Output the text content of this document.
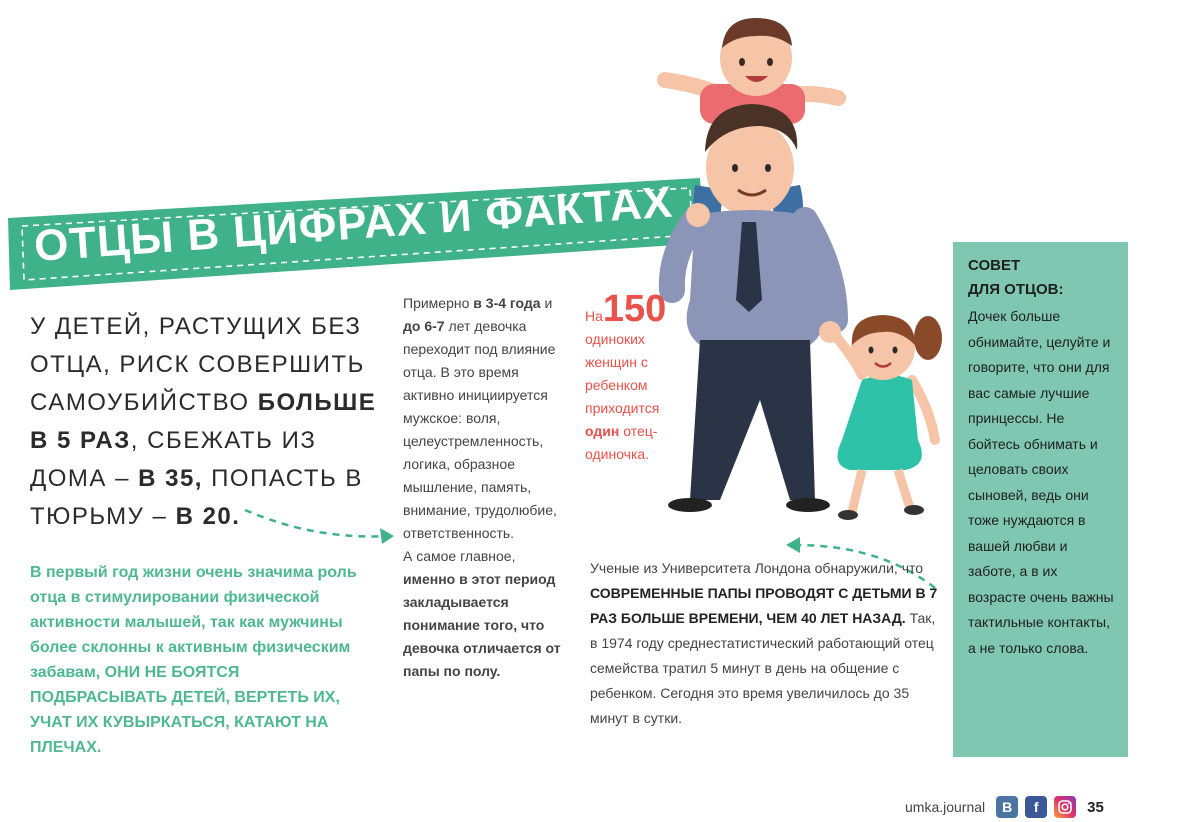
ОТЦЫ В ЦИФРАХ И ФАКТАХ
У ДЕТЕЙ, РАСТУЩИХ БЕЗ ОТЦА, РИСК СОВЕРШИТЬ САМОУБИЙСТВО БОЛЬШЕ В 5 РАЗ, СБЕЖАТЬ ИЗ ДОМА – В 35, ПОПАСТЬ В ТЮРЬМУ – В 20.
В первый год жизни очень значима роль отца в стимулировании физической активности малышей, так как мужчины более склонны к активным физическим забавам, ОНИ НЕ БОЯТСЯ ПОДБРАСЫВАТЬ ДЕТЕЙ, ВЕРТЕТЬ ИХ, УЧАТ ИХ КУВЫРКАТЬСЯ, КАТАЮТ НА ПЛЕЧАХ.
Примерно в 3-4 года и до 6-7 лет девочка переходит под влияние отца. В это время активно инициируется мужское: воля, целеустремленность, логика, образное мышление, память, внимание, трудолюбие, ответственность.
А самое главное, именно в этот период закладывается понимание того, что девочка отличается от папы по полу.
На150 одиноких женщин с ребенком приходится один отец-одиночка.
Ученые из Университета Лондона обнаружили, что
СОВРЕМЕННЫЕ ПАПЫ ПРОВОДЯТ С ДЕТЬМИ В 7 РАЗ БОЛЬШЕ ВРЕМЕНИ, ЧЕМ 40 ЛЕТ НАЗАД. Так, в 1974 году среднестатистический работающий отец семейства тратил 5 минут в день на общение с ребенком. Сегодня это время увеличилось до 35 минут в сутки.
СОВЕТ
ДЛЯ ОТЦОВ:
Дочек больше обнимайте, целуйте и говорите, что они для вас самые лучшие принцессы. Не бойтесь обнимать и целовать своих сыновей, ведь они тоже нуждаются в вашей любви и заботе, а в их возрасте очень важны тактильные контакты, а не только слова.
umka.journal	В	f	35
